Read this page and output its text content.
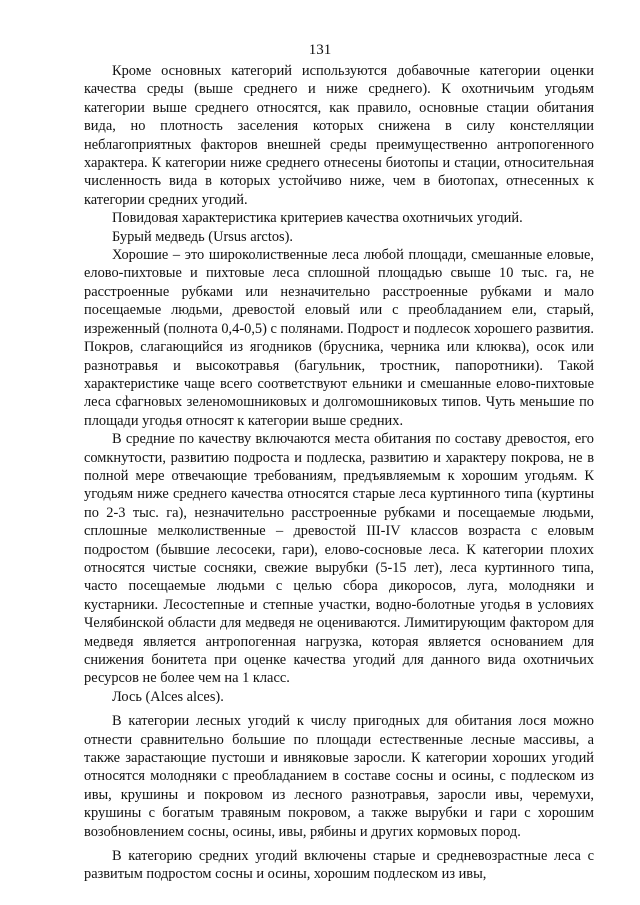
131

Кроме основных категорий используются добавочные категории оценки качества среды (выше среднего и ниже среднего). К охотничьим угодьям категории выше среднего относятся, как правило, основные стации обитания вида, но плотность заселения которых снижена в силу констелляции неблагоприятных факторов внешней среды преимущественно антропогенного характера. К категории ниже среднего отнесены биотопы и стации, относительная численность вида в которых устойчиво ниже, чем в биотопах, отнесенных к категории средних угодий.

Повидовая характеристика критериев качества охотничьих угодий.

Бурый медведь (Ursus arctos).

Хорошие – это широколиственные леса любой площади, смешанные еловые, елово-пихтовые и пихтовые леса сплошной площадью свыше 10 тыс. га, не расстроенные рубками или незначительно расстроенные рубками и мало посещаемые людьми, древостой еловый или с преобладанием ели, старый, изреженный (полнота 0,4-0,5) с полянами. Подрост и подлесок хорошего развития. Покров, слагающийся из ягодников (брусника, черника или клюква), осок или разнотравья и высокотравья (багульник, тростник, папоротники). Такой характеристике чаще всего соответствуют ельники и смешанные елово-пихтовые леса сфагновых зеленомошниковых и долгомошниковых типов. Чуть меньшие по площади угодья относят к категории выше средних.

В средние по качеству включаются места обитания по составу древостоя, его сомкнутости, развитию подроста и подлеска, развитию и характеру покрова, не в полной мере отвечающие требованиям, предъявляемым к хорошим угодьям. К угодьям ниже среднего качества относятся старые леса куртинного типа (куртины по 2-3 тыс. га), незначительно расстроенные рубками и посещаемые людьми, сплошные мелколиственные – древостой III-IV классов возраста с еловым подростом (бывшие лесосеки, гари), елово-сосновые леса. К категории плохих относятся чистые сосняки, свежие вырубки (5-15 лет), леса куртинного типа, часто посещаемые людьми с целью сбора дикоросов, луга, молодняки и кустарники. Лесостепные и степные участки, водно-болотные угодья в условиях Челябинской области для медведя не оцениваются. Лимитирующим фактором для медведя является антропогенная нагрузка, которая является основанием для снижения бонитета при оценке качества угодий для данного вида охотничьих ресурсов не более чем на 1 класс.

Лось (Alces alces).

В категории лесных угодий к числу пригодных для обитания лося можно отнести сравнительно большие по площади естественные лесные массивы, а также зарастающие пустоши и ивняковые заросли. К категории хороших угодий относятся молодняки с преобладанием в составе сосны и осины, с подлеском из ивы, крушины и покровом из лесного разнотравья, заросли ивы, черемухи, крушины с богатым травяным покровом, а также вырубки и гари с хорошим возобновлением сосны, осины, ивы, рябины и других кормовых пород.

В категорию средних угодий включены старые и средневозрастные леса с развитым подростом сосны и осины, хорошим подлеском из ивы,
